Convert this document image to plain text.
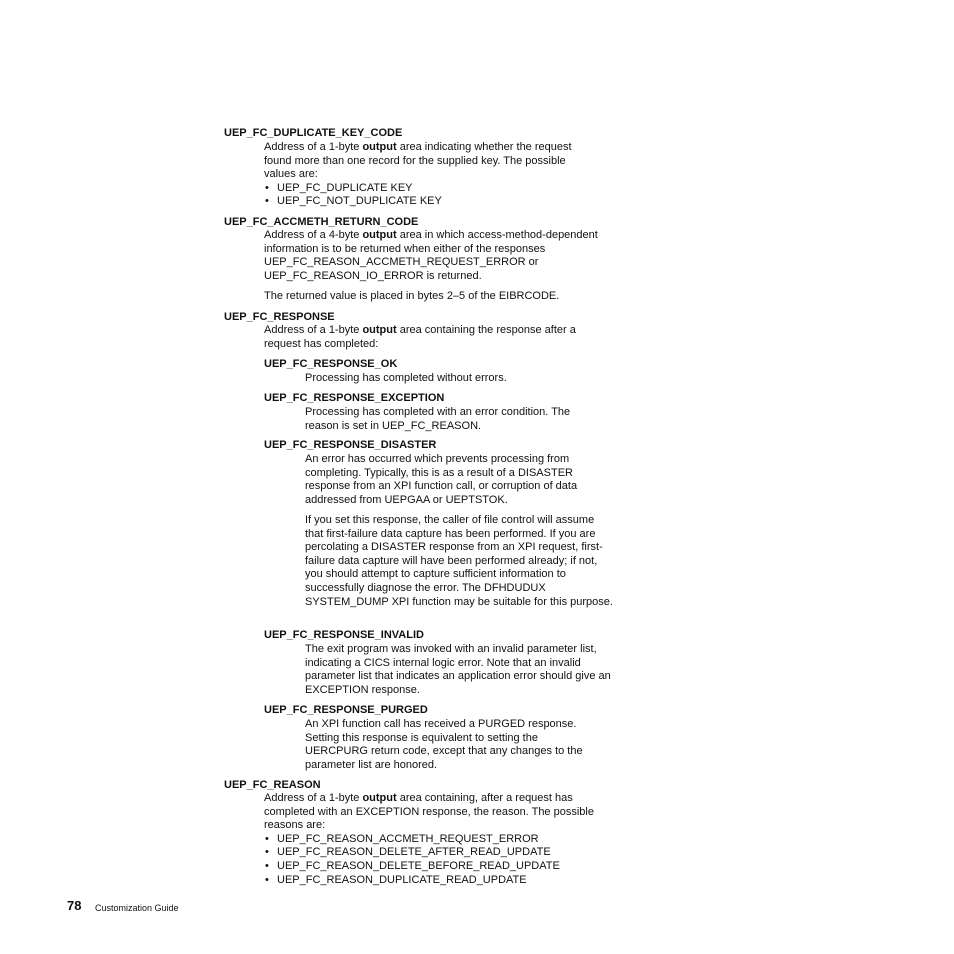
UEP_FC_DUPLICATE_KEY_CODE

Address of a 1-byte output area indicating whether the request found more than one record for the supplied key. The possible values are:

• UEP_FC_DUPLICATE KEY
• UEP_FC_NOT_DUPLICATE KEY
UEP_FC_ACCMETH_RETURN_CODE

Address of a 4-byte output area in which access-method-dependent information is to be returned when either of the responses UEP_FC_REASON_ACCMETH_REQUEST_ERROR or UEP_FC_REASON_IO_ERROR is returned.

The returned value is placed in bytes 2–5 of the EIBRCODE.

UEP_FC_RESPONSE

Address of a 1-byte output area containing the response after a request has completed:

UEP_FC_RESPONSE_OK

Processing has completed without errors.

UEP_FC_RESPONSE_EXCEPTION

Processing has completed with an error condition. The reason is set in UEP_FC_REASON.

UEP_FC_RESPONSE_DISASTER

An error has occurred which prevents processing from completing. Typically, this is as a result of a DISASTER response from an XPI function call, or corruption of data addressed from UEPGAA or UEPTSTOK.

If you set this response, the caller of file control will assume that first-failure data capture has been performed. If you are percolating a DISASTER response from an XPI request, first-failure data capture will have been performed already; if not, you should attempt to capture sufficient information to successfully diagnose the error. The DFHDUDUX SYSTEM_DUMP XPI function may be suitable for this purpose.

UEP_FC_RESPONSE_INVALID

The exit program was invoked with an invalid parameter list, indicating a CICS internal logic error. Note that an invalid parameter list that indicates an application error should give an EXCEPTION response.

UEP_FC_RESPONSE_PURGED

An XPI function call has received a PURGED response. Setting this response is equivalent to setting the UERCPURG return code, except that any changes to the parameter list are honored.

UEP_FC_REASON

Address of a 1-byte output area containing, after a request has completed with an EXCEPTION response, the reason. The possible reasons are:

• UEP_FC_REASON_ACCMETH_REQUEST_ERROR
• UEP_FC_REASON_DELETE_AFTER_READ_UPDATE
• UEP_FC_REASON_DELETE_BEFORE_READ_UPDATE
• UEP_FC_REASON_DUPLICATE_READ_UPDATE
78 Customization Guide
